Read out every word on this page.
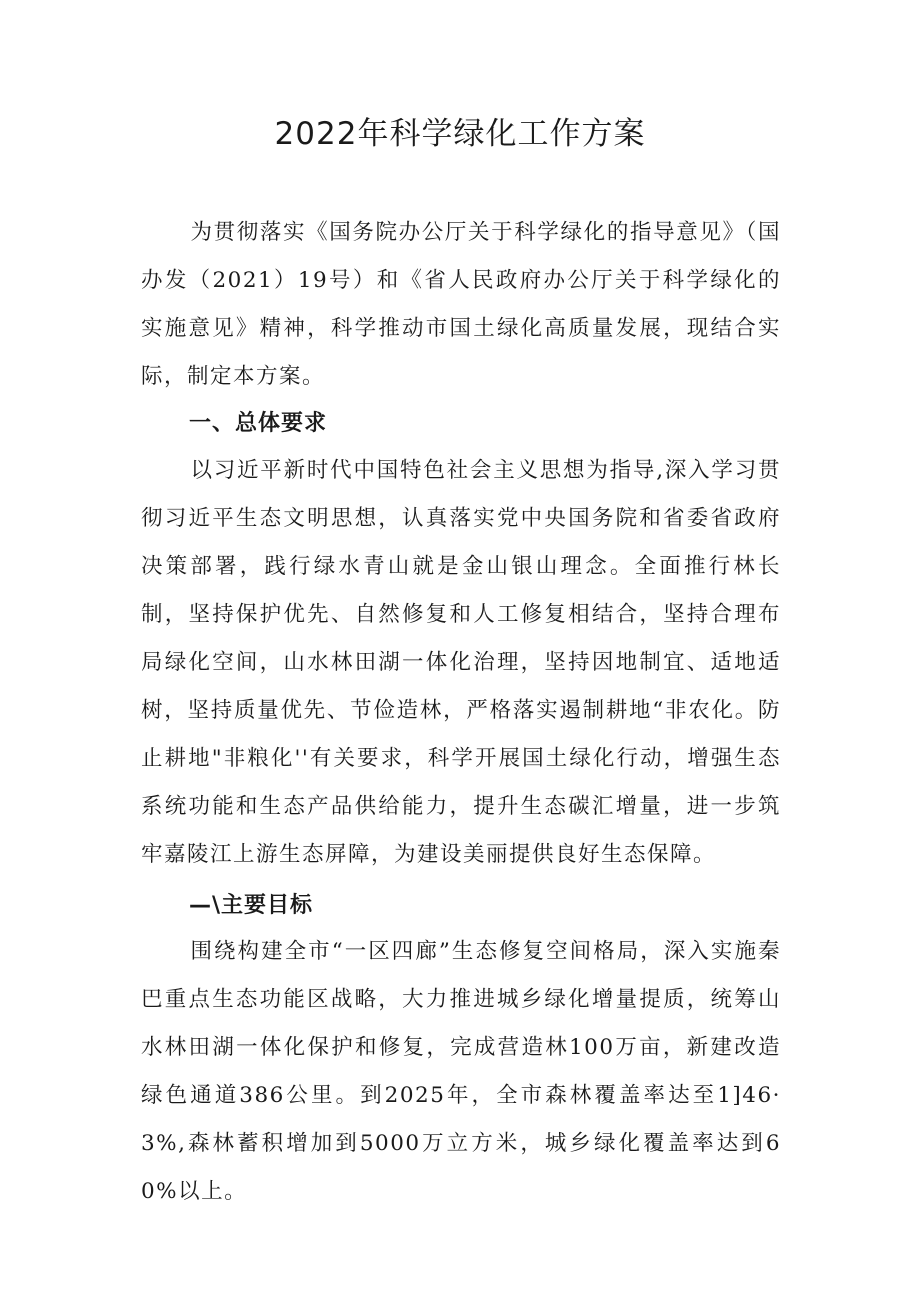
2022年科学绿化工作方案

为贯彻落实《国务院办公厅关于科学绿化的指导意见》（国办发（2021）19号）和《省人民政府办公厅关于科学绿化的实施意见》精神，科学推动市国土绿化高质量发展，现结合实际，制定本方案。

一、总体要求

以习近平新时代中国特色社会主义思想为指导,深入学习贯彻习近平生态文明思想，认真落实党中央国务院和省委省政府决策部署，践行绿水青山就是金山银山理念。全面推行林长制，坚持保护优先、自然修复和人工修复相结合，坚持合理布局绿化空间，山水林田湖一体化治理，坚持因地制宜、适地适树，坚持质量优先、节俭造林，严格落实遏制耕地“非农化。防止耕地"非粮化''有关要求，科学开展国土绿化行动，增强生态系统功能和生态产品供给能力，提升生态碳汇增量，进一步筑牢嘉陵江上游生态屏障，为建设美丽提供良好生态保障。

—\主要目标

围绕构建全市“一区四廊”生态修复空间格局，深入实施秦巴重点生态功能区战略，大力推进城乡绿化增量提质，统筹山水林田湖一体化保护和修复，完成营造林100万亩，新建改造绿色通道386公里。到2025年，全市森林覆盖率达至1]46·3%,森林蓄积增加到5000万立方米，城乡绿化覆盖率达到60%以上。
